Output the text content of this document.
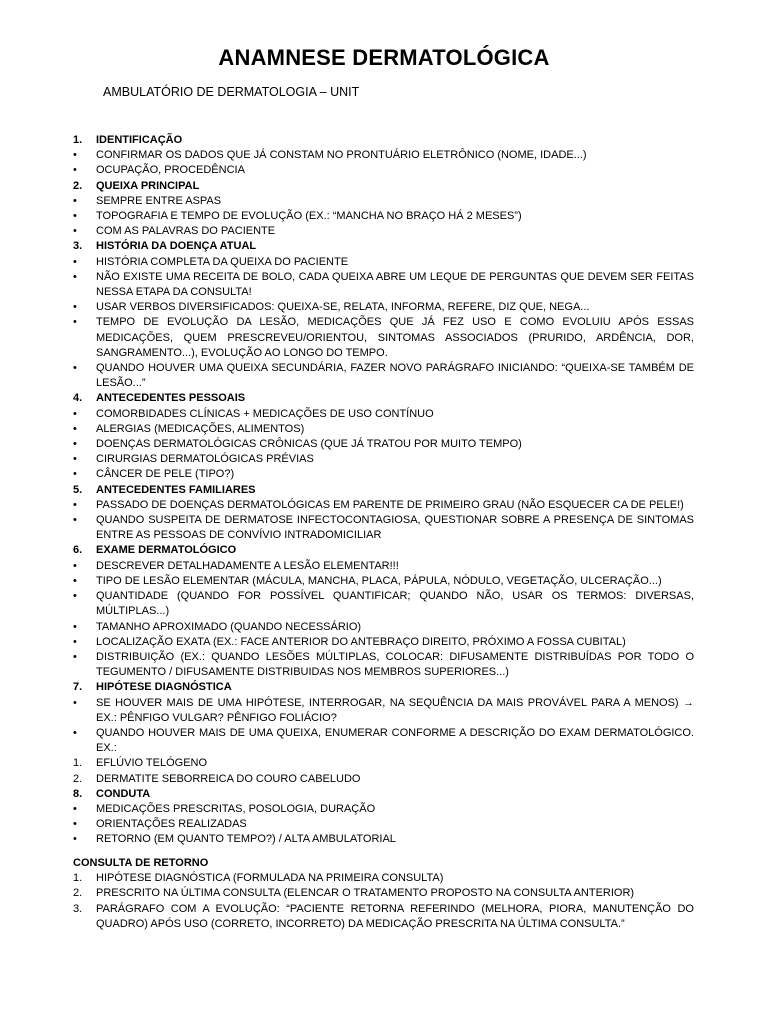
ANAMNESE DERMATOLÓGICA
AMBULATÓRIO DE DERMATOLOGIA – UNIT
1.	IDENTIFICAÇÃO
•	CONFIRMAR OS DADOS QUE JÁ CONSTAM NO PRONTUÁRIO ELETRÔNICO (NOME, IDADE...)
•	OCUPAÇÃO, PROCEDÊNCIA
2.	QUEIXA PRINCIPAL
•	SEMPRE ENTRE ASPAS
•	TOPOGRAFIA E TEMPO DE EVOLUÇÃO (EX.: “MANCHA NO BRAÇO HÁ 2 MESES”)
•	COM AS PALAVRAS DO PACIENTE
3.	HISTÓRIA DA DOENÇA ATUAL
•	HISTÓRIA COMPLETA DA QUEIXA DO PACIENTE
•	NÃO EXISTE UMA RECEITA DE BOLO, CADA QUEIXA ABRE UM LEQUE DE PERGUNTAS QUE DEVEM SER FEITAS NESSA ETAPA DA CONSULTA!
•	USAR VERBOS DIVERSIFICADOS: QUEIXA-SE, RELATA, INFORMA, REFERE, DIZ QUE, NEGA...
•	TEMPO DE EVOLUÇÃO DA LESÃO, MEDICAÇÕES QUE JÁ FEZ USO E COMO EVOLUIU APÓS ESSAS MEDICAÇÕES, QUEM PRESCREVEU/ORIENTOU, SINTOMAS ASSOCIADOS (PRURIDO, ARDÊNCIA, DOR, SANGRAMENTO...), EVOLUÇÃO AO LONGO DO TEMPO.
•	QUANDO HOUVER UMA QUEIXA SECUNDÁRIA, FAZER NOVO PARÁGRAFO INICIANDO: “QUEIXA-SE TAMBÉM DE LESÃO...”
4.	ANTECEDENTES PESSOAIS
•	COMORBIDADES CLÍNICAS + MEDICAÇÕES DE USO CONTÍNUO
•	ALERGIAS (MEDICAÇÕES, ALIMENTOS)
•	DOENÇAS DERMATOLÓGICAS CRÔNICAS (QUE JÁ TRATOU POR MUITO TEMPO)
•	CIRURGIAS DERMATOLÓGICAS PRÉVIAS
•	CÂNCER DE PELE (TIPO?)
5.	ANTECEDENTES FAMILIARES
•	PASSADO DE DOENÇAS DERMATOLÓGICAS EM PARENTE DE PRIMEIRO GRAU (NÃO ESQUECER CA DE PELE!)
•	QUANDO SUSPEITA DE DERMATOSE INFECTOCONTAGIOSA, QUESTIONAR SOBRE A PRESENÇA DE SINTOMAS ENTRE AS PESSOAS DE CONVÍVIO INTRADOMICILIAR
6.	EXAME DERMATOLÓGICO
•	DESCREVER DETALHADAMENTE A LESÃO ELEMENTAR!!!
•	TIPO DE LESÃO ELEMENTAR (MÁCULA, MANCHA, PLACA, PÁPULA, NÓDULO, VEGETAÇÃO, ULCERAÇÃO...)
•	QUANTIDADE (QUANDO FOR POSSÍVEL QUANTIFICAR; QUANDO NÃO, USAR OS TERMOS: DIVERSAS, MÚLTIPLAS...)
•	TAMANHO APROXIMADO (QUANDO NECESSÁRIO)
•	LOCALIZAÇÃO EXATA (EX.: FACE ANTERIOR DO ANTEBRAÇO DIREITO, PRÓXIMO A FOSSA CUBITAL)
•	DISTRIBUIÇÃO (EX.: QUANDO LESÕES MÚLTIPLAS, COLOCAR: DIFUSAMENTE DISTRIBUÍDAS POR TODO O TEGUMENTO / DIFUSAMENTE DISTRIBUIDAS NOS MEMBROS SUPERIORES...)
7.	HIPÓTESE DIAGNÓSTICA
•	SE HOUVER MAIS DE UMA HIPÓTESE, INTERROGAR, NA SEQUÊNCIA DA MAIS PROVÁVEL PARA A MENOS) → EX.: PÊNFIGO VULGAR? PÊNFIGO FOLIÁCIO?
•	QUANDO HOUVER MAIS DE UMA QUEIXA, ENUMERAR CONFORME A DESCRIÇÃO DO EXAM DERMATOLÓGICO. EX.:
1.	EFLÚVIO TELÓGENO
2.	DERMATITE SEBORREICA DO COURO CABELUDO
8.	CONDUTA
•	MEDICAÇÕES PRESCRITAS, POSOLOGIA, DURAÇÃO
•	ORIENTAÇÕES REALIZADAS
•	RETORNO (EM QUANTO TEMPO?) / ALTA AMBULATORIAL
CONSULTA DE RETORNO
1.	HIPÓTESE DIAGNÓSTICA (FORMULADA NA PRIMEIRA CONSULTA)
2.	PRESCRITO NA ÚLTIMA CONSULTA (ELENCAR O TRATAMENTO PROPOSTO NA CONSULTA ANTERIOR)
3.	PARÁGRAFO COM A EVOLUÇÃO: “PACIENTE RETORNA REFERINDO (MELHORA, PIORA, MANUTENÇÃO DO QUADRO) APÓS USO (CORRETO, INCORRETO) DA MEDICAÇÃO PRESCRITA NA ÚLTIMA CONSULTA.”
